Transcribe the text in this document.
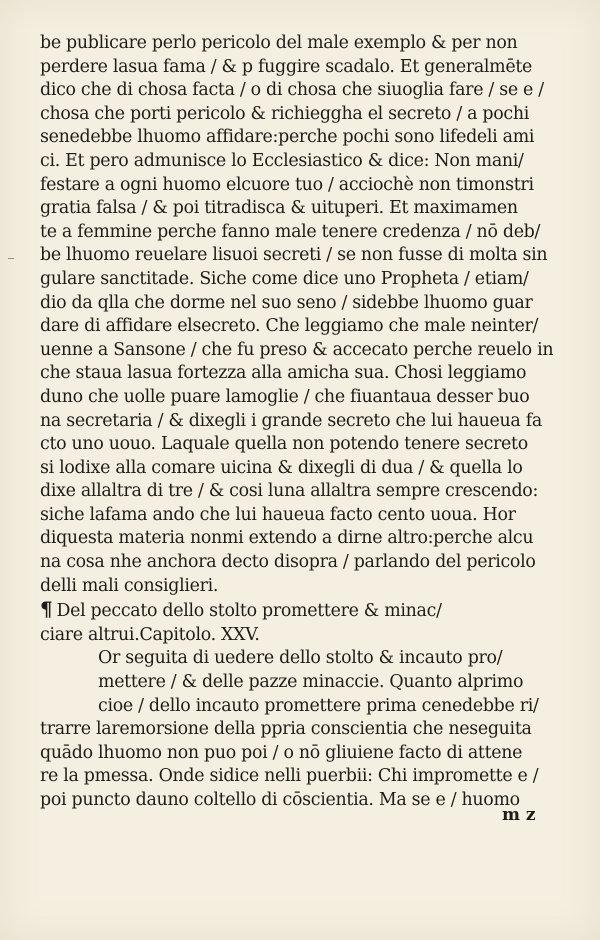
be publicare perlo pericolo del male exemplo & per non
perdere lasua fama / & p fuggire scadalo. Et generalmēte
dico che di chosa facta / o di chosa che siuoglia fare / se e /
chosa che porti pericolo & richieggha el secreto / a pochi
senedebbe lhuomo affidare:perche pochi sono lifedeli ami
ci. Et pero admunisce lo Ecclesiastico & dice: Non mani/
festare a ogni huomo elcuore tuo / acciochè non timonstri
gratia falsa / & poi titradisca & uituperi. Et maximamen
te a femmine perche fanno male tenere credenza / nō deb/
be lhuomo reuelare lisuoi secreti / se non fusse di molta sin
gulare sanctitade. Siche come dice uno Propheta / etiam/
dio da qlla che dorme nel suo seno / sidebbe lhuomo guar
dare di affidare elsecreto. Che leggiamo che male neinter/
uenne a Sansone / che fu preso & accecato perche reuelo in
che staua lasua fortezza alla amicha sua. Chosi leggiamo
duno che uolle puare lamoglie / che fiuantaua desser buo
na secretaria / & dixegli i grande secreto che lui haueua fa
cto uno uouo. Laquale quella non potendo tenere secreto
si lodixe alla comare uicina & dixegli di dua / & quella lo
dixe allaltra di tre / & cosi luna allaltra sempre crescendo:
siche lafama ando che lui haueua facto cento uoua. Hor
diquesta materia nonmi extendo a dirne altro:perche alcu
na cosa nhe anchora decto disopra / parlando del pericolo
delli mali consiglieri.
¶ Del peccato dello stolto promettere & minac/
ciare altrui.Capitolo. XXV.
Or seguita di uedere dello stolto & incauto pro/
mettere / & delle pazze minaccie. Quanto alprimo
cioe / dello incauto promettere prima cenedebbe ri/
trarre laremorsione della ppria conscientia che neseguita
quādo lhuomo non puo poi / o nō gliuiene facto di attene
re la pmessa. Onde sidice nelli puerbii: Chi impromette e /
poi puncto dauno coltello di cōscientia. Ma se e / huomo
m z
